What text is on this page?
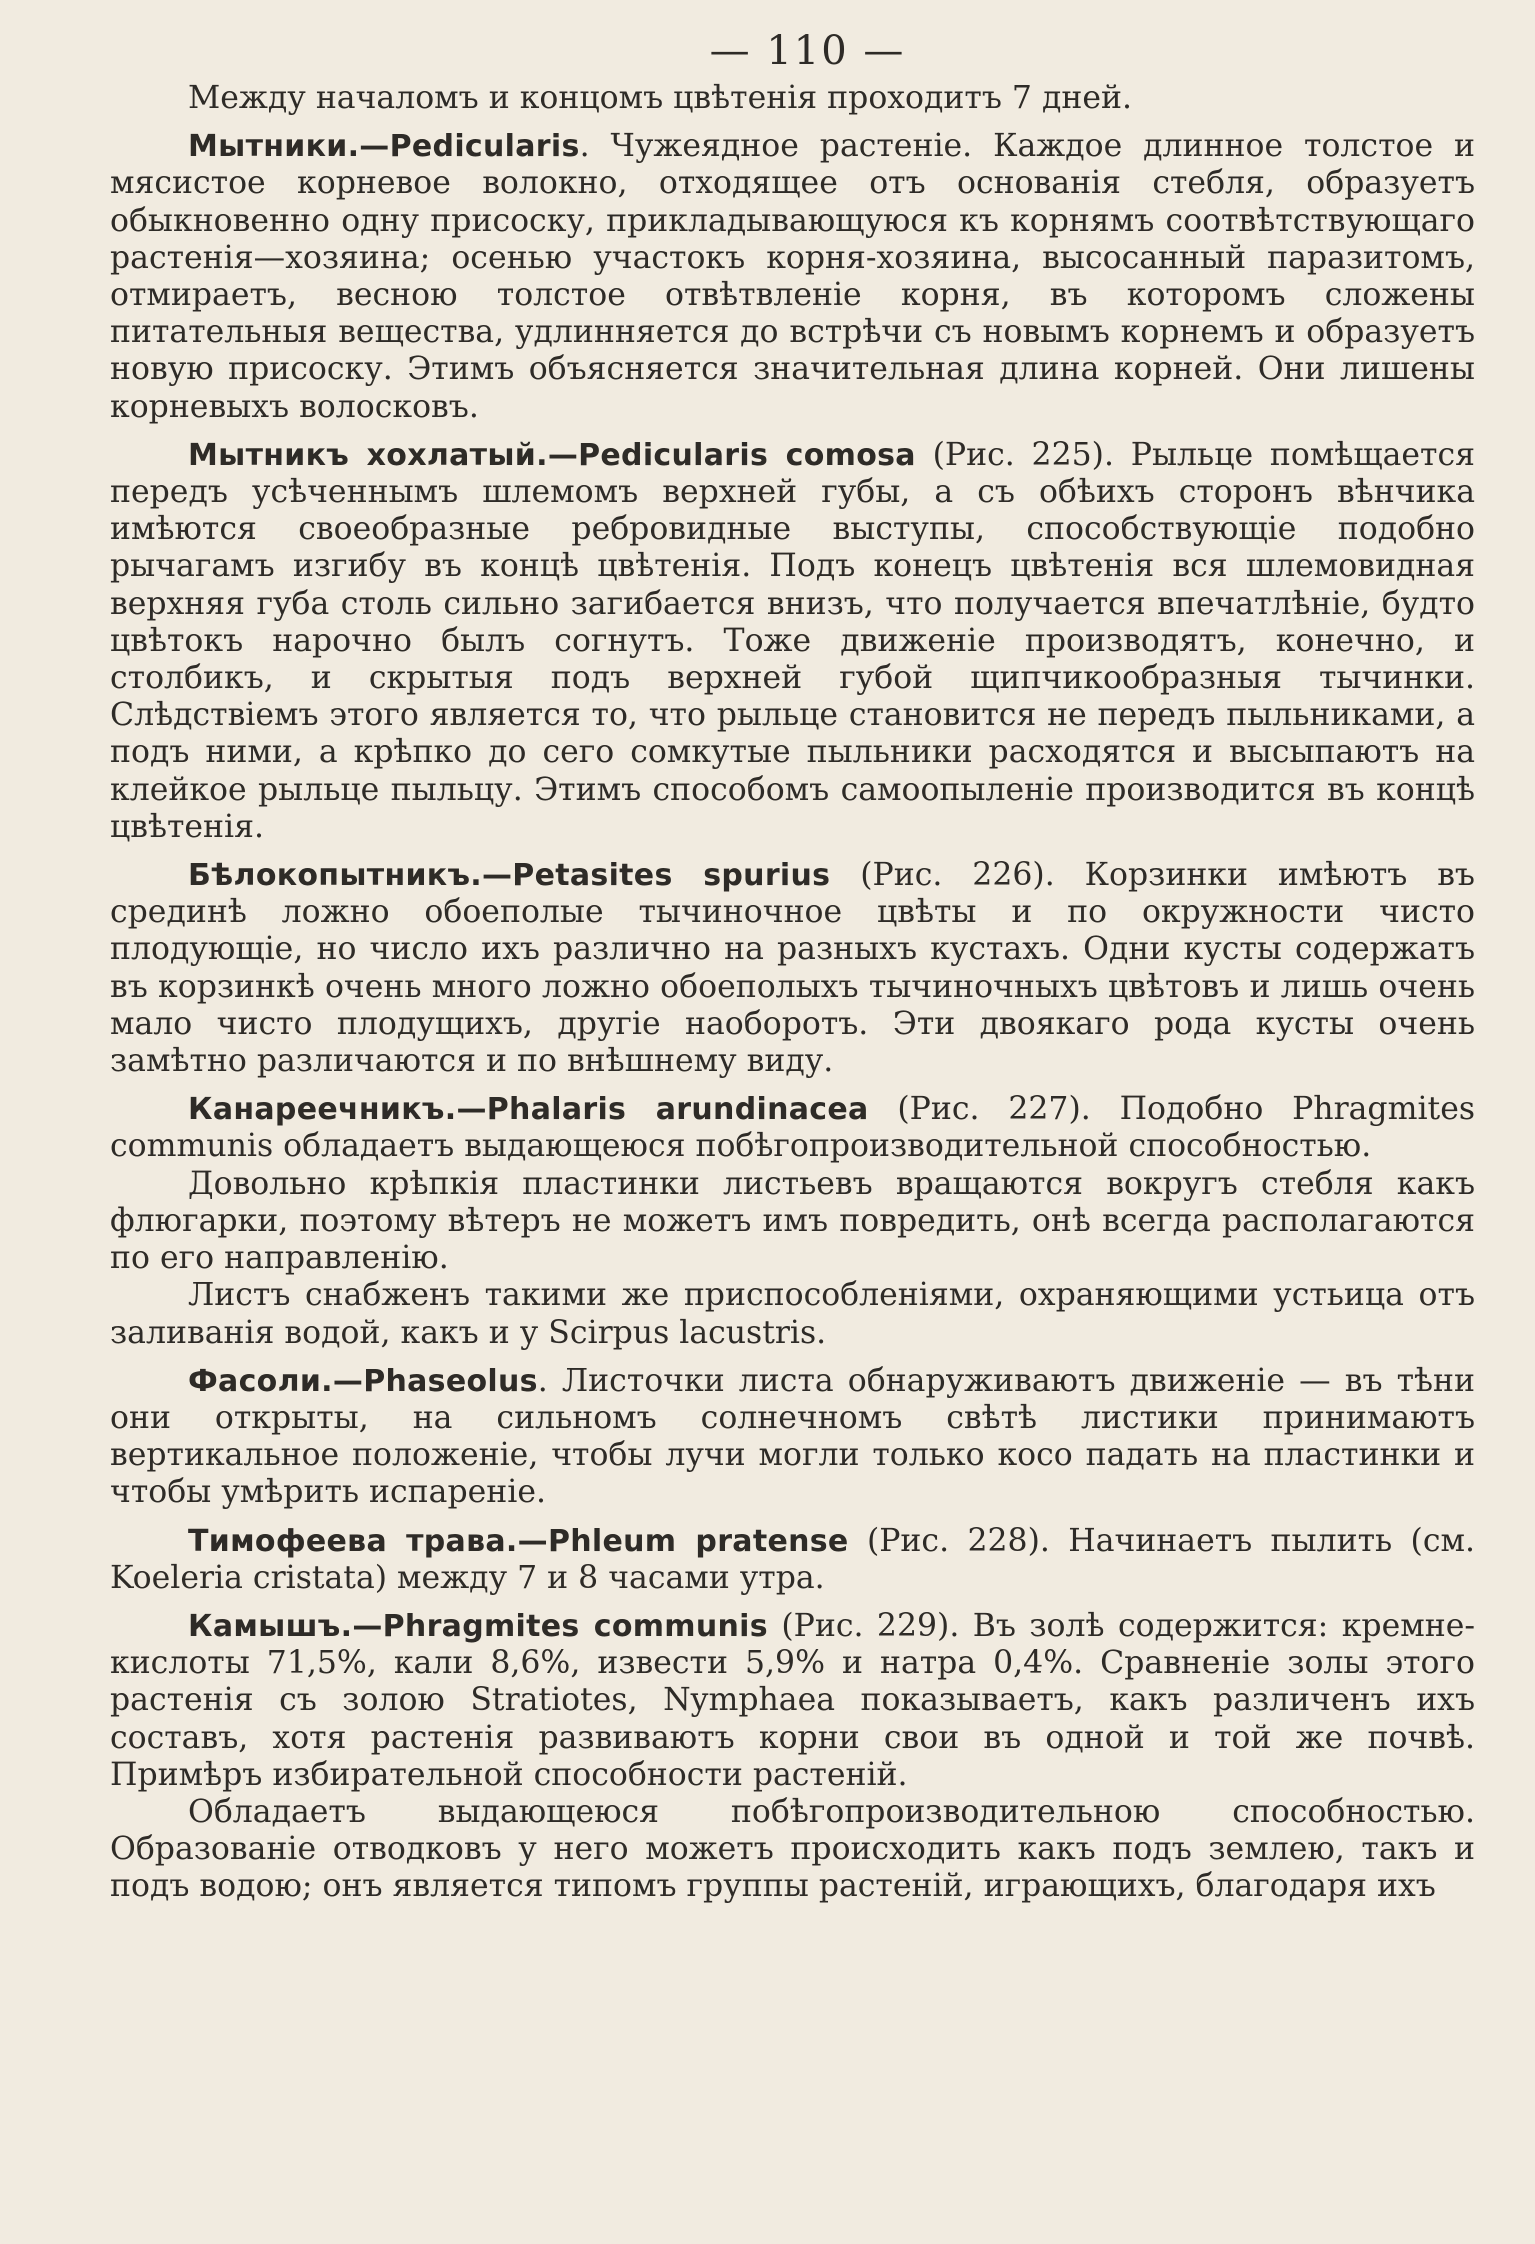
— 110 —

Между началомъ и концомъ цвѣтенія проходитъ 7 дней.

Мытники.—Pedicularis. Чужеядное растеніе. Каждое длинное толстое и мясистое корневое волокно, отходящее отъ основанія стебля, образуетъ обыкновенно одну присоску, прикладывающуюся къ корнямъ соотвѣтствующаго растенія—хозяина; осенью участокъ корня-хозяина, высосанный паразитомъ, отмираетъ, весною толстое отвѣтвленіе корня, въ которомъ сложены питательныя вещества, удлинняется до встрѣчи съ новымъ корнемъ и образуетъ новую присоску. Этимъ объясняется значительная длина корней. Они лишены корневыхъ волосковъ.

Мытникъ хохлатый.—Pedicularis comosa (Рис. 225). Рыльце помѣщается передъ усѣченнымъ шлемомъ верхней губы, а съ обѣихъ сторонъ вѣнчика имѣются своеобразные ребровидные выступы, способствующіе подобно рычагамъ изгибу въ концѣ цвѣтенія. Подъ конецъ цвѣтенія вся шлемовидная верхняя губа столь сильно загибается внизъ, что получается впечатлѣніе, будто цвѣтокъ нарочно былъ согнутъ. Тоже движеніе производятъ, конечно, и столбикъ, и скрытыя подъ верхней губой щипчикообразныя тычинки. Слѣдствіемъ этого является то, что рыльце становится не передъ пыльниками, а подъ ними, а крѣпко до сего сомкутые пыльники расходятся и высыпаютъ на клейкое рыльце пыльцу. Этимъ способомъ самоопыленіе производится въ концѣ цвѣтенія.

Бѣлокопытникъ.—Petasites spurius (Рис. 226). Корзинки имѣютъ въ срединѣ ложно обоеполые тычиночное цвѣты и по окружности чисто плодующіе, но число ихъ различно на разныхъ кустахъ. Одни кусты содержатъ въ корзинкѣ очень много ложно обоеполыхъ тычиночныхъ цвѣтовъ и лишь очень мало чисто плодущихъ, другіе наоборотъ. Эти двоякаго рода кусты очень замѣтно различаются и по внѣшнему виду.

Канареечникъ.—Phalaris arundinacea (Рис. 227). Подобно Phragmites communis обладаетъ выдающеюся побѣгопроизводительной способностью.

Довольно крѣпкія пластинки листьевъ вращаются вокругъ стебля какъ флюгарки, поэтому вѣтеръ не можетъ имъ повредить, онѣ всегда располагаются по его направленію.

Листъ снабженъ такими же приспособленіями, охраняющими устьица отъ заливанія водой, какъ и у Scirpus lacustris.

Фасоли.—Phaseolus. Листочки листа обнаруживаютъ движеніе — въ тѣни они открыты, на сильномъ солнечномъ свѣтѣ листики принимаютъ вертикальное положеніе, чтобы лучи могли только косо падать на пластинки и чтобы умѣрить испареніе.

Тимофеева трава.—Phleum pratense (Рис. 228). Начинаетъ пылить (см. Koeleria cristata) между 7 и 8 часами утра.

Камышъ.—Phragmites communis (Рис. 229). Въ золѣ содержится: кремне-кислоты 71,5%, кали 8,6%, извести 5,9% и натра 0,4%. Сравненіе золы этого растенія съ золою Stratiotes, Nymphaea показываетъ, какъ различенъ ихъ составъ, хотя растенія развиваютъ корни свои въ одной и той же почвѣ. Примѣръ избирательной способности растеній.

Обладаетъ выдающеюся побѣгопроизводительною способностью. Образованіе отводковъ у него можетъ происходить какъ подъ землею, такъ и подъ водою; онъ является типомъ группы растеній, играющихъ, благодаря ихъ
